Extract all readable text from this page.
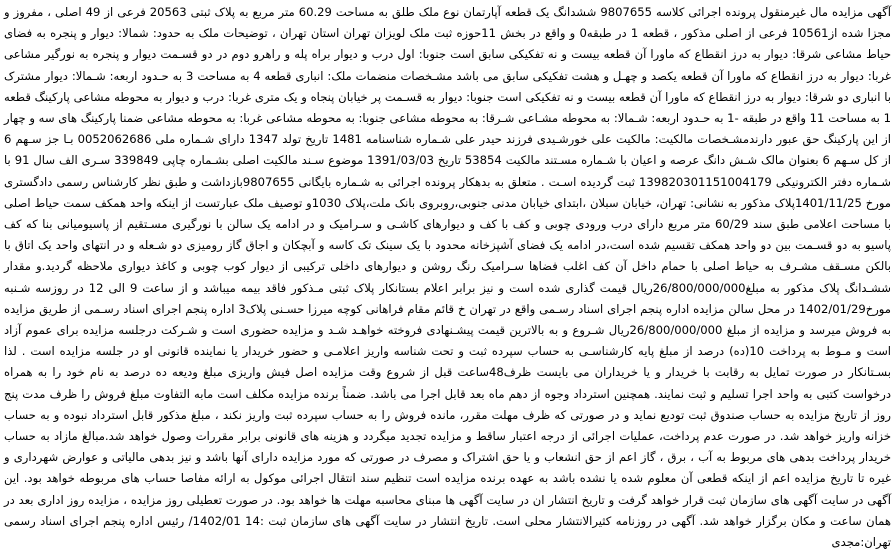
آگهی مزایده مال غیرمنقول پرونده اجرائی کلاسه 9807655 ششدانگ یک قطعه آپارتمان نوع ملک طلق به مساحت 60.29 متر مربع به پلاک ثبتی 20563 فرعی از 49 اصلی ، مفروز و مجزا شده از10561 فرعی از اصلی مذکور ، قطعه 1 در طبقه0 و واقع در بخش 11حوزه ثبت ملک لویزان تهران استان تهران ، توضیحات ملک به حدود: شمالا: دیوار و پنجره به فضای حیاط مشاعی شرقا: دیوار به درز انقطاع که ماورا آن قطعه بیست و نه تفکیکی سابق است جنوبا: اول درب و دیوار براه پله و راهرو دوم در دو قسـمت دیوار و پنجره به نورگیر مشاعی غربا: دیوار به درز انقطاع که ماورا آن قطعه یکصد و چهـل و هشت تفکیکی سابق می باشد مشـخصات منضمات ملک: انباری قطعه 4 به مساحت 3 به حـدود اربعه: شـمالا: دیوار مشترک با انباری دو شرقا: دیوار به درز انقطاع که ماورا آن قطعه بیست و نه تفکیکی است جنوبا: دیوار به قسـمت پر خیابان پنجاه و یک متری غربا: درب و دیوار به محوطه مشاعی پارکینگ قطعه 1 به مساحت 11 واقع در طبقه -1 به حـدود اربعه: شـمالا: به محوطه مشـاعی شـرقا: به محوطه مشاعی جنوبا: به محوطه مشاعی غربا: به محوطه مشاعی ضمنا پارکینگ های سه و چهار از این پارکینگ حق عبور دارندمشـخصات مالکیت: مالکیت علی خورشـیدی فرزند حیدر علی شـماره شناسنامه 1481 تاریخ تولد 1347 دارای شـماره ملی 0052062686 بـا جز سـهم 6 از کل سـهم 6 بعنوان مالک شـش دانگ عرصه و اعیان با شـماره مسـتند مالکیت 53854 تاریخ 1391/03/03 موضوع سـند مالکیت اصلی بشـماره چاپی 339849 سـری الف سال 91 با شـماره دفتر الکترونیکی 139820301151004179 ثبت گردیده اسـت . متعلق به بدهکار پرونده اجرائی به شـماره بایگانی 9807655بازداشت و طبق نظر کارشناس رسمی دادگستری مورخ 1401/11/25پلاک مذکور به نشانی: تهران، خیابان سبلان ،ابتدای خیابان مدنی جنوبی،روبروی بانک ملت،پلاک 1030و توصیف ملک عبارتست از اینکه واحد همکف سمت حیاط اصلی با مساحت اعلامی طبق سند 60/29 متر مربع دارای درب ورودی چوبی و کف با کف و دیوارهای کاشـی و سـرامیک و در ادامه یک سالن با نورگیری مسـتقیم از پاسیومیانی بنا که کف پاسیو به دو قسـمت بین دو واحد همکف تقسیم شده است،در ادامه یک فضای آشپزخانه محدود با یک سینک تک کاسه و آبچکان و اجاق گاز رومیزی دو شـعله و در انتهای واحد یک اتاق با بالکن مسـقف مشـرف به حیاط اصلی با حمام داخل آن کف اغلب فضاها سـرامیک رنگ روشن و دیوارهای داخلی ترکیبی از دیوار کوب چوبی و کاغذ دیواری ملاحظه گردید.و مقدار ششـدانگ پلاک مذکور به مبلغ26/800/000/000ریال قیمت گذاری شده است و نیز برابر اعلام بستانکار پلاک ثبتی مـذکور فاقد بیمه میباشد و از ساعت 9 الی 12 در روزسه شـنبه مورخ1402/01/29 در محل سالن مزایده اداره پنجم اجرای اسناد رسـمی واقع در تهران خ قائم مقام فراهانی کوچه میرزا حسـنی پلاک3 اداره پنجم اجرای اسناد رسـمی از طریق مزایده به فروش میرسد و مزایده از مبلغ 26/800/000/000ریال شـروع و به بالاترین قیمت پیشـنهادی فروخته خواهـد شـد و مزایده حضوری است و شـرکت درجلسه مزایده برای عموم آزاد است و مـوط به پرداخت 10(ده) درصد از مبلغ پایه کارشناسـی به حساب سپرده ثبت و تحت شناسه واریز اعلامـی و حضور خریدار یا نماینده قانونی او در جلسه مزایده است . لذا بسـتانکار در صورت تمایل به رقابت با خریدار و یا خریداران می بایست ظرف48ساعت قبل از شروع وقت مزایده اصل فیش واریزی مبلغ ودیعه ده درصد به نام خود را به همراه درخواست کتبی به واحد اجرا تسلیم و ثبت نمایند. همچنین استرداد وجوه از دهم ماه بعد قابل اجرا می باشد. ضمناً برنده مزایده مکلف است مابه التفاوت مبلغ فروش را ظرف مدت پنج روز از تاریخ مزایده به حساب صندوق ثبت تودیع نماید و در صورتی که ظرف مهلت مقرر، مانده فروش را به حساب سپرده ثبت واریز نکند ، مبلغ مذکور قابل استرداد نبوده و به حساب خزانه واریز خواهد شد. در صورت عدم پرداخت، عملیات اجرائی از درجه اعتبار ساقط و مزایده تجدید میگردد و هزینه های قانونی برابر مقررات وصول خواهد شد.مبالغ مازاد به حساب خریدار پرداخت بدهی های مربوط به آب ، برق ، گاز اعم از حق انشعاب و یا حق اشتراک و مصرف در صورتی که مورد مزایده دارای آنها باشد و نیز بدهی مالیاتی و عوارض شهرداری و غیره تا تاریخ مزایده اعم از اینکه قطعی آن معلوم شده یا نشده باشد به عهده برنده مزایده است تنظیم سند انتقال اجرائی موکول به ارائه مفاصا حساب های مربوطه خواهد بود. این آگهی در سایت آگهی های سازمان ثبت قرار خواهد گرفت و تاریخ انتشار ان در سایت آگهی ها مبنای محاسبه مهلت ها خواهد بود. در صورت تعطیلی روز مزایده ، مزایده روز اداری بعد در همان ساعت و مکان برگزار خواهد شد. آگهی در روزنامه کثیرالانتشار محلی است. تاریخ انتشار در سایت آگهی های سازمان ثبت :14 1402/01/ رئیس اداره پنجم اجرای اسناد رسمی تهران:مجدی
